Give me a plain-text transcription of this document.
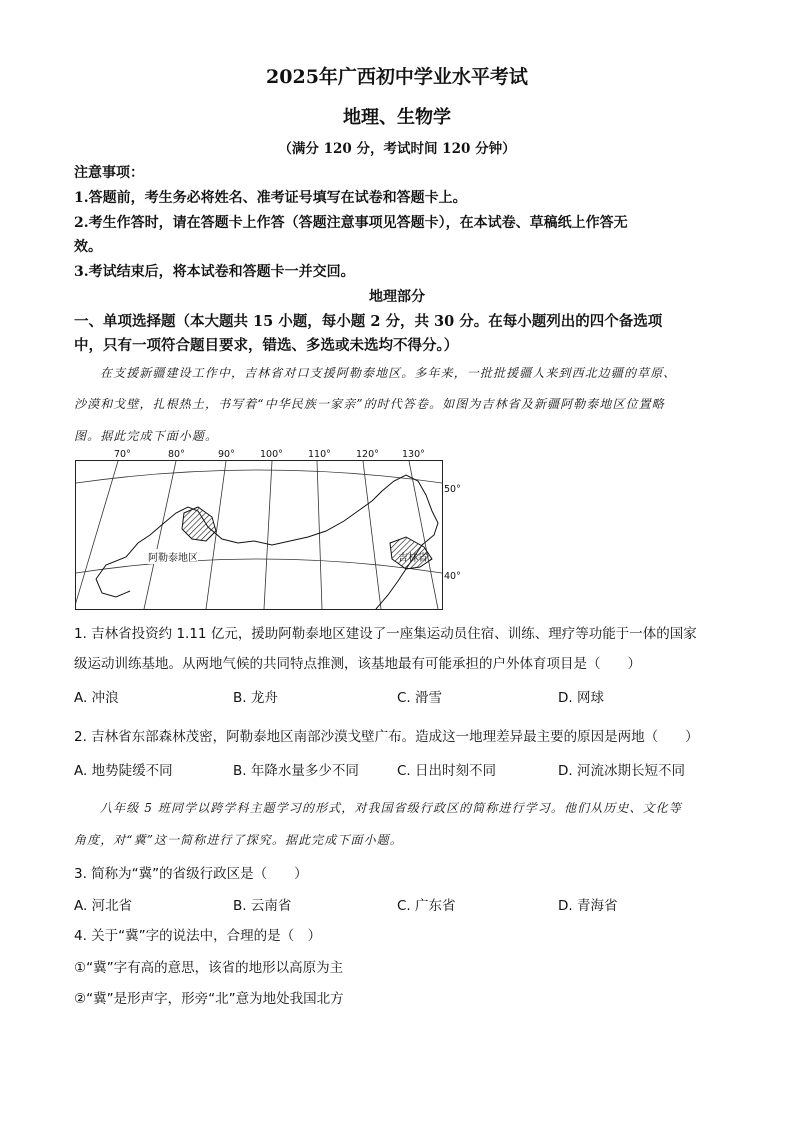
2025年广西初中学业水平考试
地理、生物学
（满分 120 分，考试时间 120 分钟）
注意事项：
1.答题前，考生务必将姓名、准考证号填写在试卷和答题卡上。
2.考生作答时，请在答题卡上作答（答题注意事项见答题卡），在本试卷、草稿纸上作答无
效。
3.考试结束后，将本试卷和答题卡一并交回。
地理部分
一、单项选择题（本大题共 15 小题，每小题 2 分，共 30 分。在每小题列出的四个备选项
中，只有一项符合题目要求，错选、多选或未选均不得分。）
在支援新疆建设工作中，吉林省对口支援阿勒泰地区。多年来，一批批援疆人来到西北边疆的草原、
沙漠和戈壁，扎根热土，书写着“中华民族一家亲”的时代答卷。如图为吉林省及新疆阿勒泰地区位置略
图。据此完成下面小题。
70°	80°	90°	100°	110°	120° 130°
阿勒泰地区	吉林省
50°
40°
1. 吉林省投资约 1.11 亿元，援助阿勒泰地区建设了一座集运动员住宿、训练、理疗等功能于一体的国家
级运动训练基地。从两地气候的共同特点推测，该基地最有可能承担的户外体育项目是（　　）
A. 冲浪	B. 龙舟	C. 滑雪	D. 网球
2. 吉林省东部森林茂密，阿勒泰地区南部沙漠戈壁广布。造成这一地理差异最主要的原因是两地（　　）
A. 地势陡缓不同	B. 年降水量多少不同	C. 日出时刻不同	D. 河流冰期长短不同
八年级 5 班同学以跨学科主题学习的形式，对我国省级行政区的简称进行学习。他们从历史、文化等
角度，对“冀”这一简称进行了探究。据此完成下面小题。
3. 简称为“冀”的省级行政区是（　　）
A. 河北省	B. 云南省	C. 广东省	D. 青海省
4. 关于“冀”字的说法中，合理的是（　）
①“冀”字有高的意思，该省的地形以高原为主
②“冀”是形声字，形旁“北”意为地处我国北方
